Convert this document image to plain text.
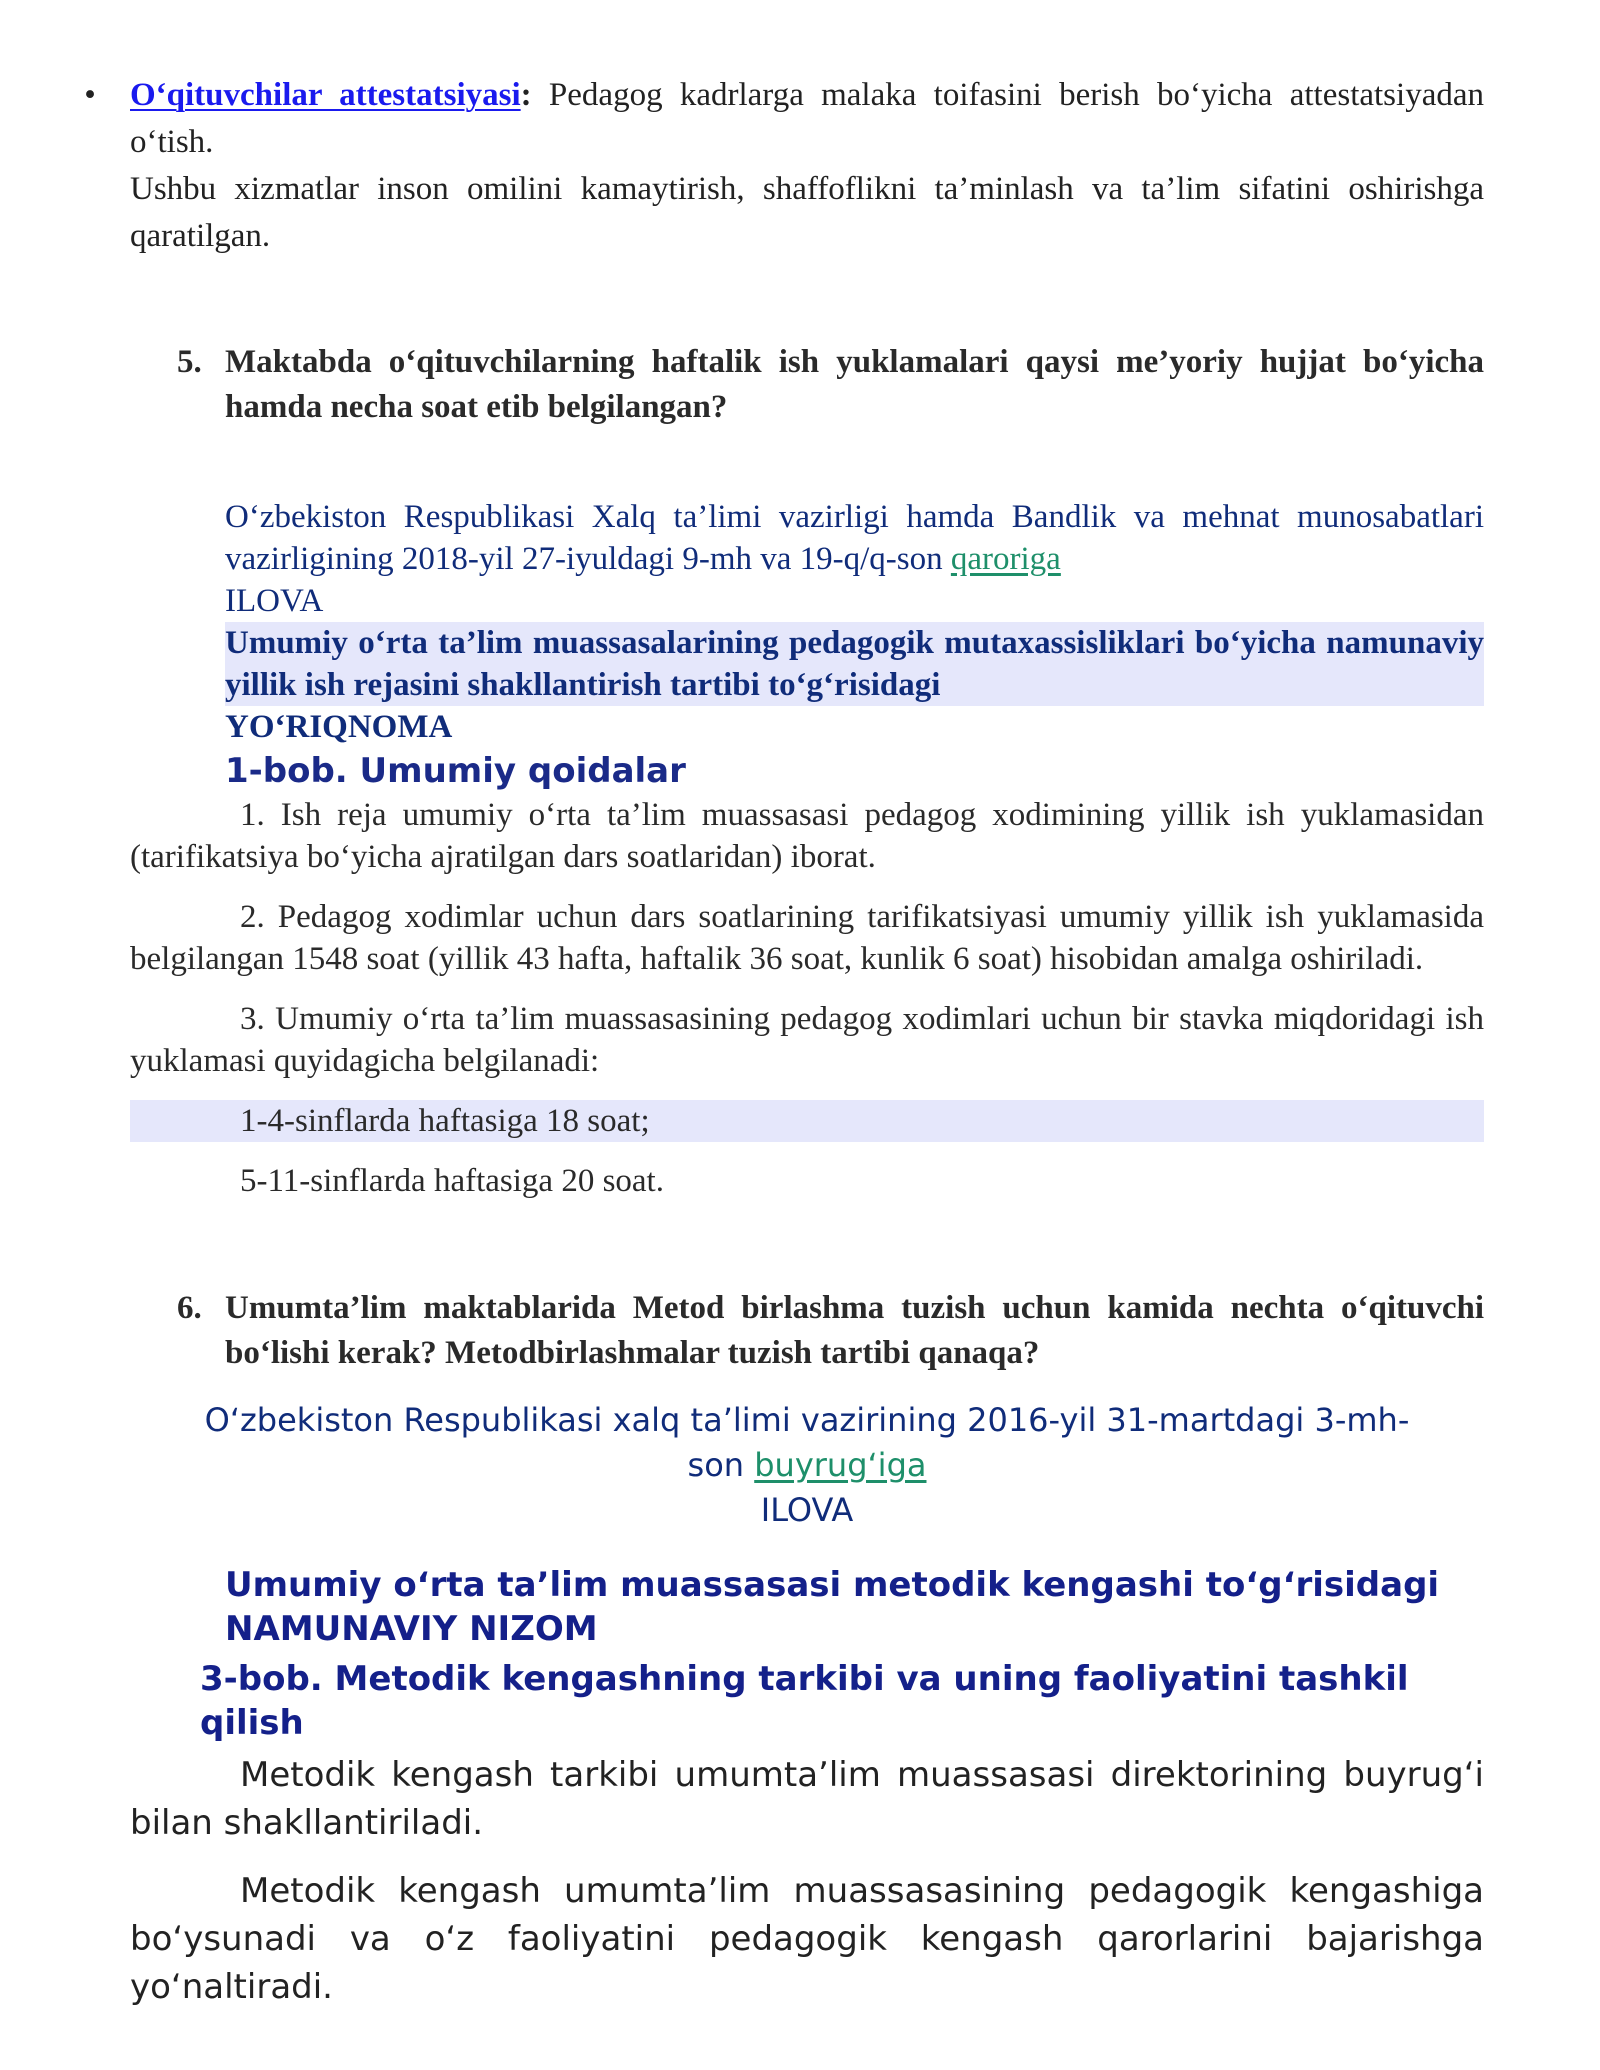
• O‘qituvchilar attestatsiyasi: Pedagog kadrlarga malaka toifasini berish bo‘yicha attestatsiyadan o‘tish.

Ushbu xizmatlar inson omilini kamaytirish, shaffoflikni ta’minlash va ta’lim sifatini oshirishga qaratilgan.

5. Maktabda o‘qituvchilarning haftalik ish yuklamalari qaysi me’yoriy hujjat bo‘yicha hamda necha soat etib belgilangan?

O‘zbekiston Respublikasi Xalq ta’limi vazirligi hamda Bandlik va mehnat munosabatlari vazirligining 2018-yil 27-iyuldagi 9-mh va 19-q/q-son qaroriga

ILOVA

Umumiy o‘rta ta’lim muassasalarining pedagogik mutaxassisliklari bo‘yicha namunaviy yillik ish rejasini shakllantirish tartibi to‘g‘risidagi

YO‘RIQNOMA

1-bob. Umumiy qoidalar

1. Ish reja umumiy o‘rta ta’lim muassasasi pedagog xodimining yillik ish yuklamasidan (tarifikatsiya bo‘yicha ajratilgan dars soatlaridan) iborat.

2. Pedagog xodimlar uchun dars soatlarining tarifikatsiyasi umumiy yillik ish yuklamasida belgilangan 1548 soat (yillik 43 hafta, haftalik 36 soat, kunlik 6 soat) hisobidan amalga oshiriladi.

3. Umumiy o‘rta ta’lim muassasasining pedagog xodimlari uchun bir stavka miqdoridagi ish yuklamasi quyidagicha belgilanadi:

1-4-sinflarda haftasiga 18 soat;

5-11-sinflarda haftasiga 20 soat.

6. Umumta’lim maktablarida Metod birlashma tuzish uchun kamida nechta o‘qituvchi bo‘lishi kerak? Metodbirlashmalar tuzish tartibi qanaqa?

O‘zbekiston Respublikasi xalq ta’limi vazirining 2016-yil 31-martdagi 3-mh-

son buyrug‘iga

ILOVA

Umumiy o‘rta ta’lim muassasasi metodik kengashi to‘g‘risidagi

NAMUNAVIY NIZOM

3-bob. Metodik kengashning tarkibi va uning faoliyatini tashkil qilish

Metodik kengash tarkibi umumta’lim muassasasi direktorining buyrug‘i bilan shakllantiriladi.

Metodik kengash umumta’lim muassasasining pedagogik kengashiga bo‘ysunadi va o‘z faoliyatini pedagogik kengash qarorlarini bajarishga yo‘naltiradi.
